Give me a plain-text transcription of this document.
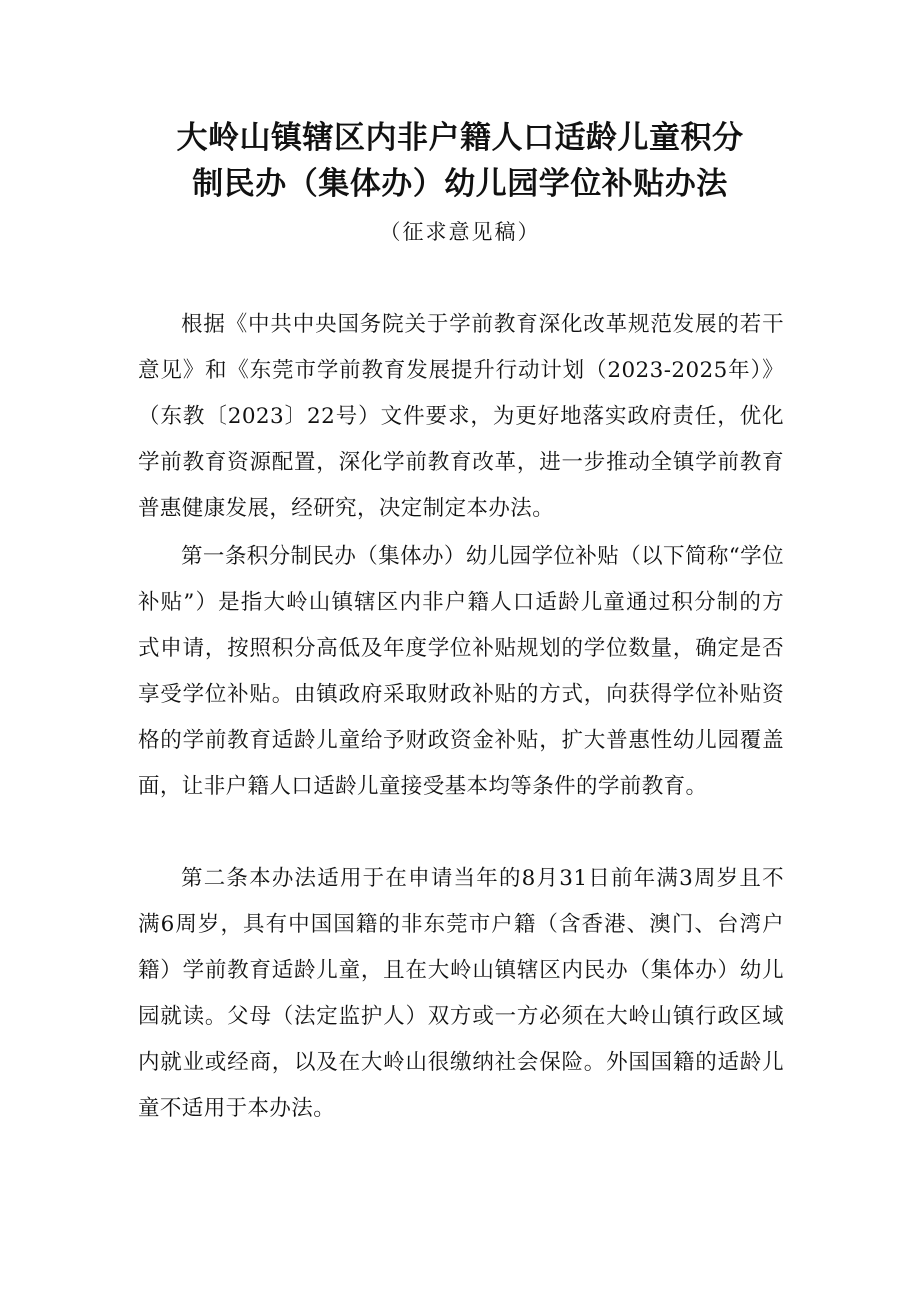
大岭山镇辖区内非户籍人口适龄儿童积分
制民办（集体办）幼儿园学位补贴办法
（征求意见稿）

根据《中共中央国务院关于学前教育深化改革规范发展的若干意见》和《东莞市学前教育发展提升行动计划（2023-2025年）》（东教〔2023〕22号）文件要求，为更好地落实政府责任，优化学前教育资源配置，深化学前教育改革，进一步推动全镇学前教育普惠健康发展，经研究，决定制定本办法。

第一条积分制民办（集体办）幼儿园学位补贴（以下简称“学位补贴”）是指大岭山镇辖区内非户籍人口适龄儿童通过积分制的方式申请，按照积分高低及年度学位补贴规划的学位数量，确定是否享受学位补贴。由镇政府采取财政补贴的方式，向获得学位补贴资格的学前教育适龄儿童给予财政资金补贴，扩大普惠性幼儿园覆盖面，让非户籍人口适龄儿童接受基本均等条件的学前教育。

第二条本办法适用于在申请当年的8月31日前年满3周岁且不满6周岁，具有中国国籍的非东莞市户籍（含香港、澳门、台湾户籍）学前教育适龄儿童，且在大岭山镇辖区内民办（集体办）幼儿园就读。父母（法定监护人）双方或一方必须在大岭山镇行政区域内就业或经商，以及在大岭山很缴纳社会保险。外国国籍的适龄儿童不适用于本办法。
